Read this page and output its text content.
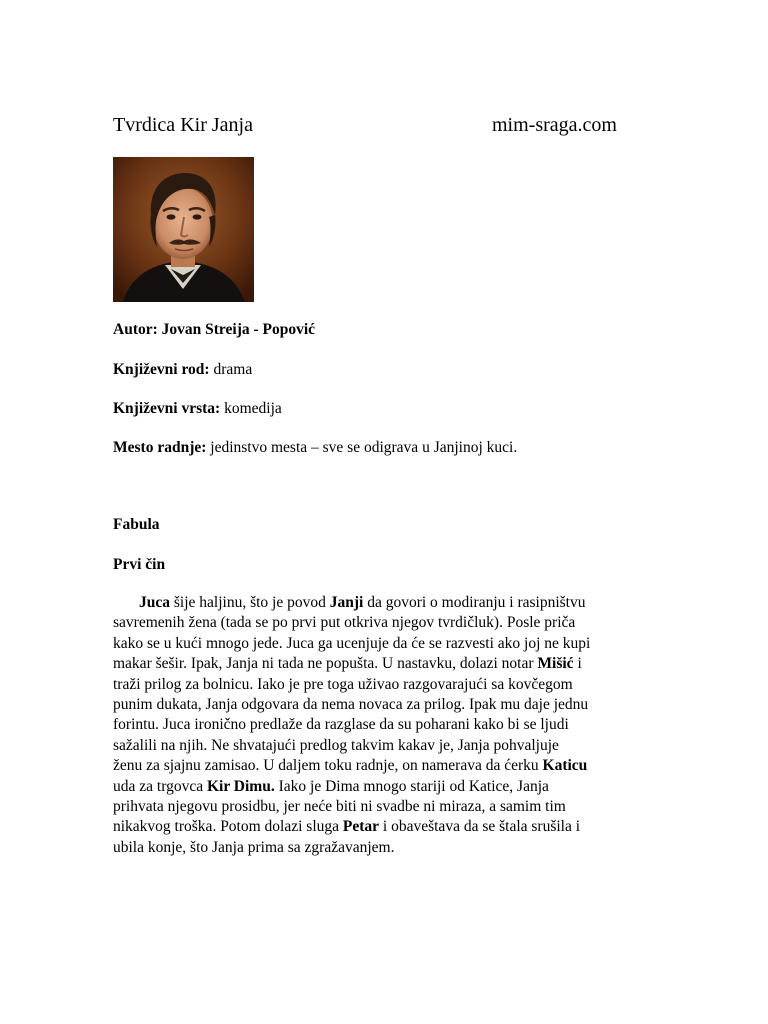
Tvrdica Kir Janja	mim-sraga.com
Autor: Jovan Streija - Popović
Književni rod: drama
Književni vrsta: komedija
Mesto radnje: jedinstvo mesta – sve se odigrava u Janjinoj kuci.
Fabula
Prvi čin
Juca šije haljinu, što je povod Janji da govori o modiranju i rasipništvu
savremenih žena (tada se po prvi put otkriva njegov tvrdičluk). Posle priča
kako se u kući mnogo jede. Juca ga ucenjuje da će se razvesti ako joj ne kupi
makar šešir. Ipak, Janja ni tada ne popušta. U nastavku, dolazi notar Mišić i
traži prilog za bolnicu. Iako je pre toga uživao razgovarajući sa kovčegom
punim dukata, Janja odgovara da nema novaca za prilog. Ipak mu daje jednu
forintu. Juca ironično predlaže da razglase da su poharani kako bi se ljudi
sažalili na njih. Ne shvatajući predlog takvim kakav je, Janja pohvaljuje
ženu za sjajnu zamisao. U daljem toku radnje, on namerava da ćerku Katicu
uda za trgovca Kir Dimu. Iako je Dima mnogo stariji od Katice, Janja
prihvata njegovu prosidbu, jer neće biti ni svadbe ni miraza, a samim tim
nikakvog troška. Potom dolazi sluga Petar i obaveštava da se štala srušila i
ubila konje, što Janja prima sa zgražavanjem.
